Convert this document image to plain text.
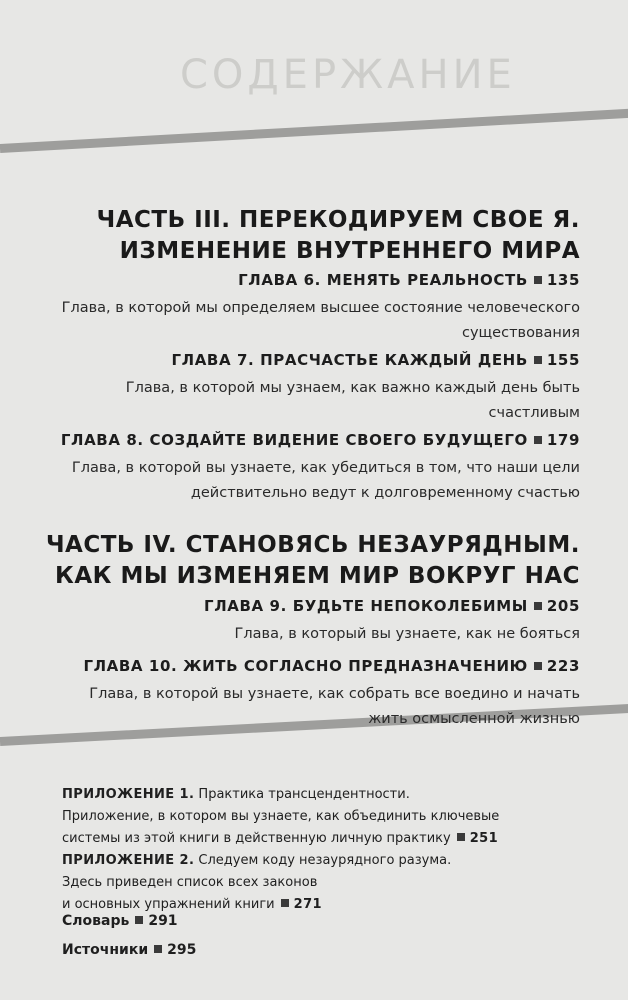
СОДЕРЖАНИЕ
ЧАСТЬ III. ПЕРЕКОДИРУЕМ СВОЕ Я.
ИЗМЕНЕНИЕ ВНУТРЕННЕГО МИРА
ГЛАВА 6. МЕНЯТЬ РЕАЛЬНОСТЬ 135
Глава, в которой мы определяем высшее состояние человеческого
существования
ГЛАВА 7. ПРАСЧАСТЬЕ КАЖДЫЙ ДЕНЬ 155
Глава, в которой мы узнаем, как важно каждый день быть
счастливым
ГЛАВА 8. СОЗДАЙТЕ ВИДЕНИЕ СВОЕГО БУДУЩЕГО 179
Глава, в которой вы узнаете, как убедиться в том, что наши цели
действительно ведут к долговременному счастью
ЧАСТЬ IV. СТАНОВЯСЬ НЕЗАУРЯДНЫМ.
КАК МЫ ИЗМЕНЯЕМ МИР ВОКРУГ НАС
ГЛАВА 9. БУДЬТЕ НЕПОКОЛЕБИМЫ 205
Глава, в который вы узнаете, как не бояться
ГЛАВА 10. ЖИТЬ СОГЛАСНО ПРЕДНАЗНАЧЕНИЮ 223
Глава, в которой вы узнаете, как собрать все воедино и начать
жить осмысленной жизнью
ПРИЛОЖЕНИЕ 1. Практика трансцендентности.
Приложение, в котором вы узнаете, как объединить ключевые
системы из этой книги в действенную личную практику 251
ПРИЛОЖЕНИЕ 2. Следуем коду незаурядного разума.
Здесь приведен список всех законов
и основных упражнений книги 271
Словарь 291
Источники 295
